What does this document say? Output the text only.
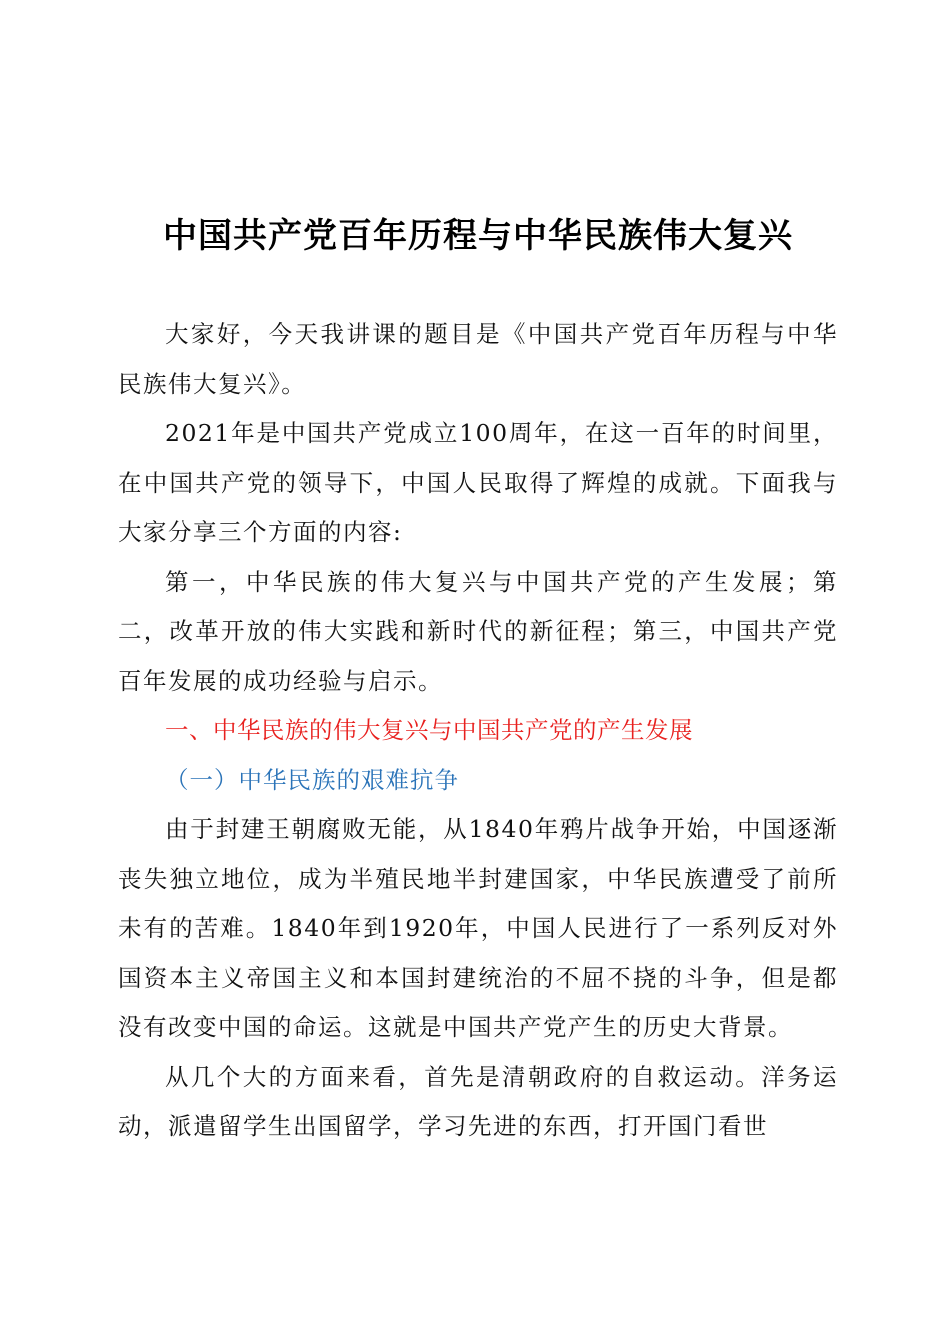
中国共产党百年历程与中华民族伟大复兴

大家好，今天我讲课的题目是《中国共产党百年历程与中华民族伟大复兴》。

2021年是中国共产党成立100周年，在这一百年的时间里，在中国共产党的领导下，中国人民取得了辉煌的成就。下面我与大家分享三个方面的内容:

第一，中华民族的伟大复兴与中国共产党的产生发展；第二，改革开放的伟大实践和新时代的新征程；第三，中国共产党百年发展的成功经验与启示。

一、中华民族的伟大复兴与中国共产党的产生发展

（一）中华民族的艰难抗争

由于封建王朝腐败无能，从1840年鸦片战争开始，中国逐渐丧失独立地位，成为半殖民地半封建国家，中华民族遭受了前所未有的苦难。1840年到1920年，中国人民进行了一系列反对外国资本主义帝国主义和本国封建统治的不屈不挠的斗争，但是都没有改变中国的命运。这就是中国共产党产生的历史大背景。

从几个大的方面来看，首先是清朝政府的自救运动。洋务运动，派遣留学生出国留学，学习先进的东西，打开国门看世
